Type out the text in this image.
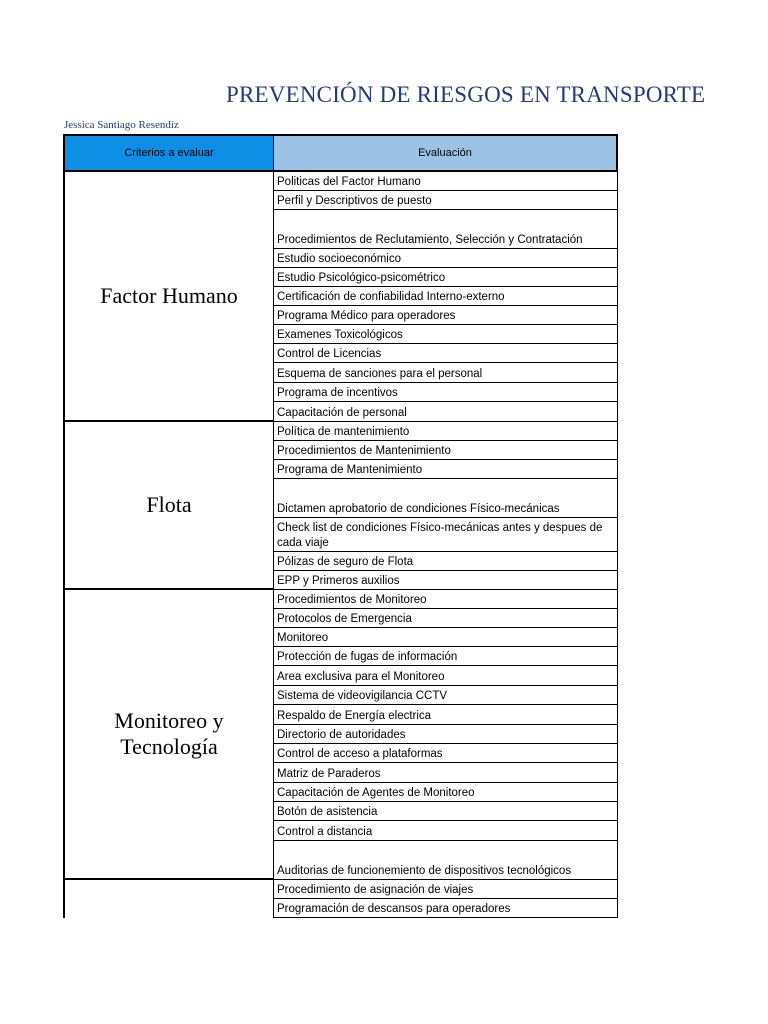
PREVENCIÓN DE RIESGOS EN TRANSPORTE
Jessica Santiago Resendiz
Criterios a evaluar	Evaluación
Politicas del Factor Humano
Perfil y Descriptivos de puesto
Procedimientos de Reclutamiento, Selección y Contratación
Estudio socioeconómico
Estudio Psicológico-psicométrico
Certificación de confiabilidad Interno-externo
Programa Médico para operadores
Examenes Toxicológicos
Control de Licencias
Esquema de sanciones para el personal
Programa de incentivos
Capacitación de personal
Factor Humano
Política de mantenimiento
Procedimientos de Mantenimiento
Programa de Mantenimiento
Dictamen aprobatorio de condiciones Físico-mecánicas
Check list de condiciones Físico-mecánicas antes y despues de cada viaje
Pólizas de seguro de Flota
EPP y Primeros auxilios
Flota
Procedimientos de Monitoreo
Protocolos de Emergencia
Monitoreo
Protección de fugas de información
Area exclusiva para el Monitoreo
Sistema de videovigilancia CCTV
Respaldo de Energía electrica
Directorio de autoridades
Control de acceso a plataformas
Matriz de Paraderos
Capacitación de Agentes de Monitoreo
Botón de asistencia
Control a distancia
Auditorias de funcionemiento de dispositivos tecnológicos
Monitoreo y Tecnología
Procedimiento de asignación de viajes
Programación de descansos para operadores
